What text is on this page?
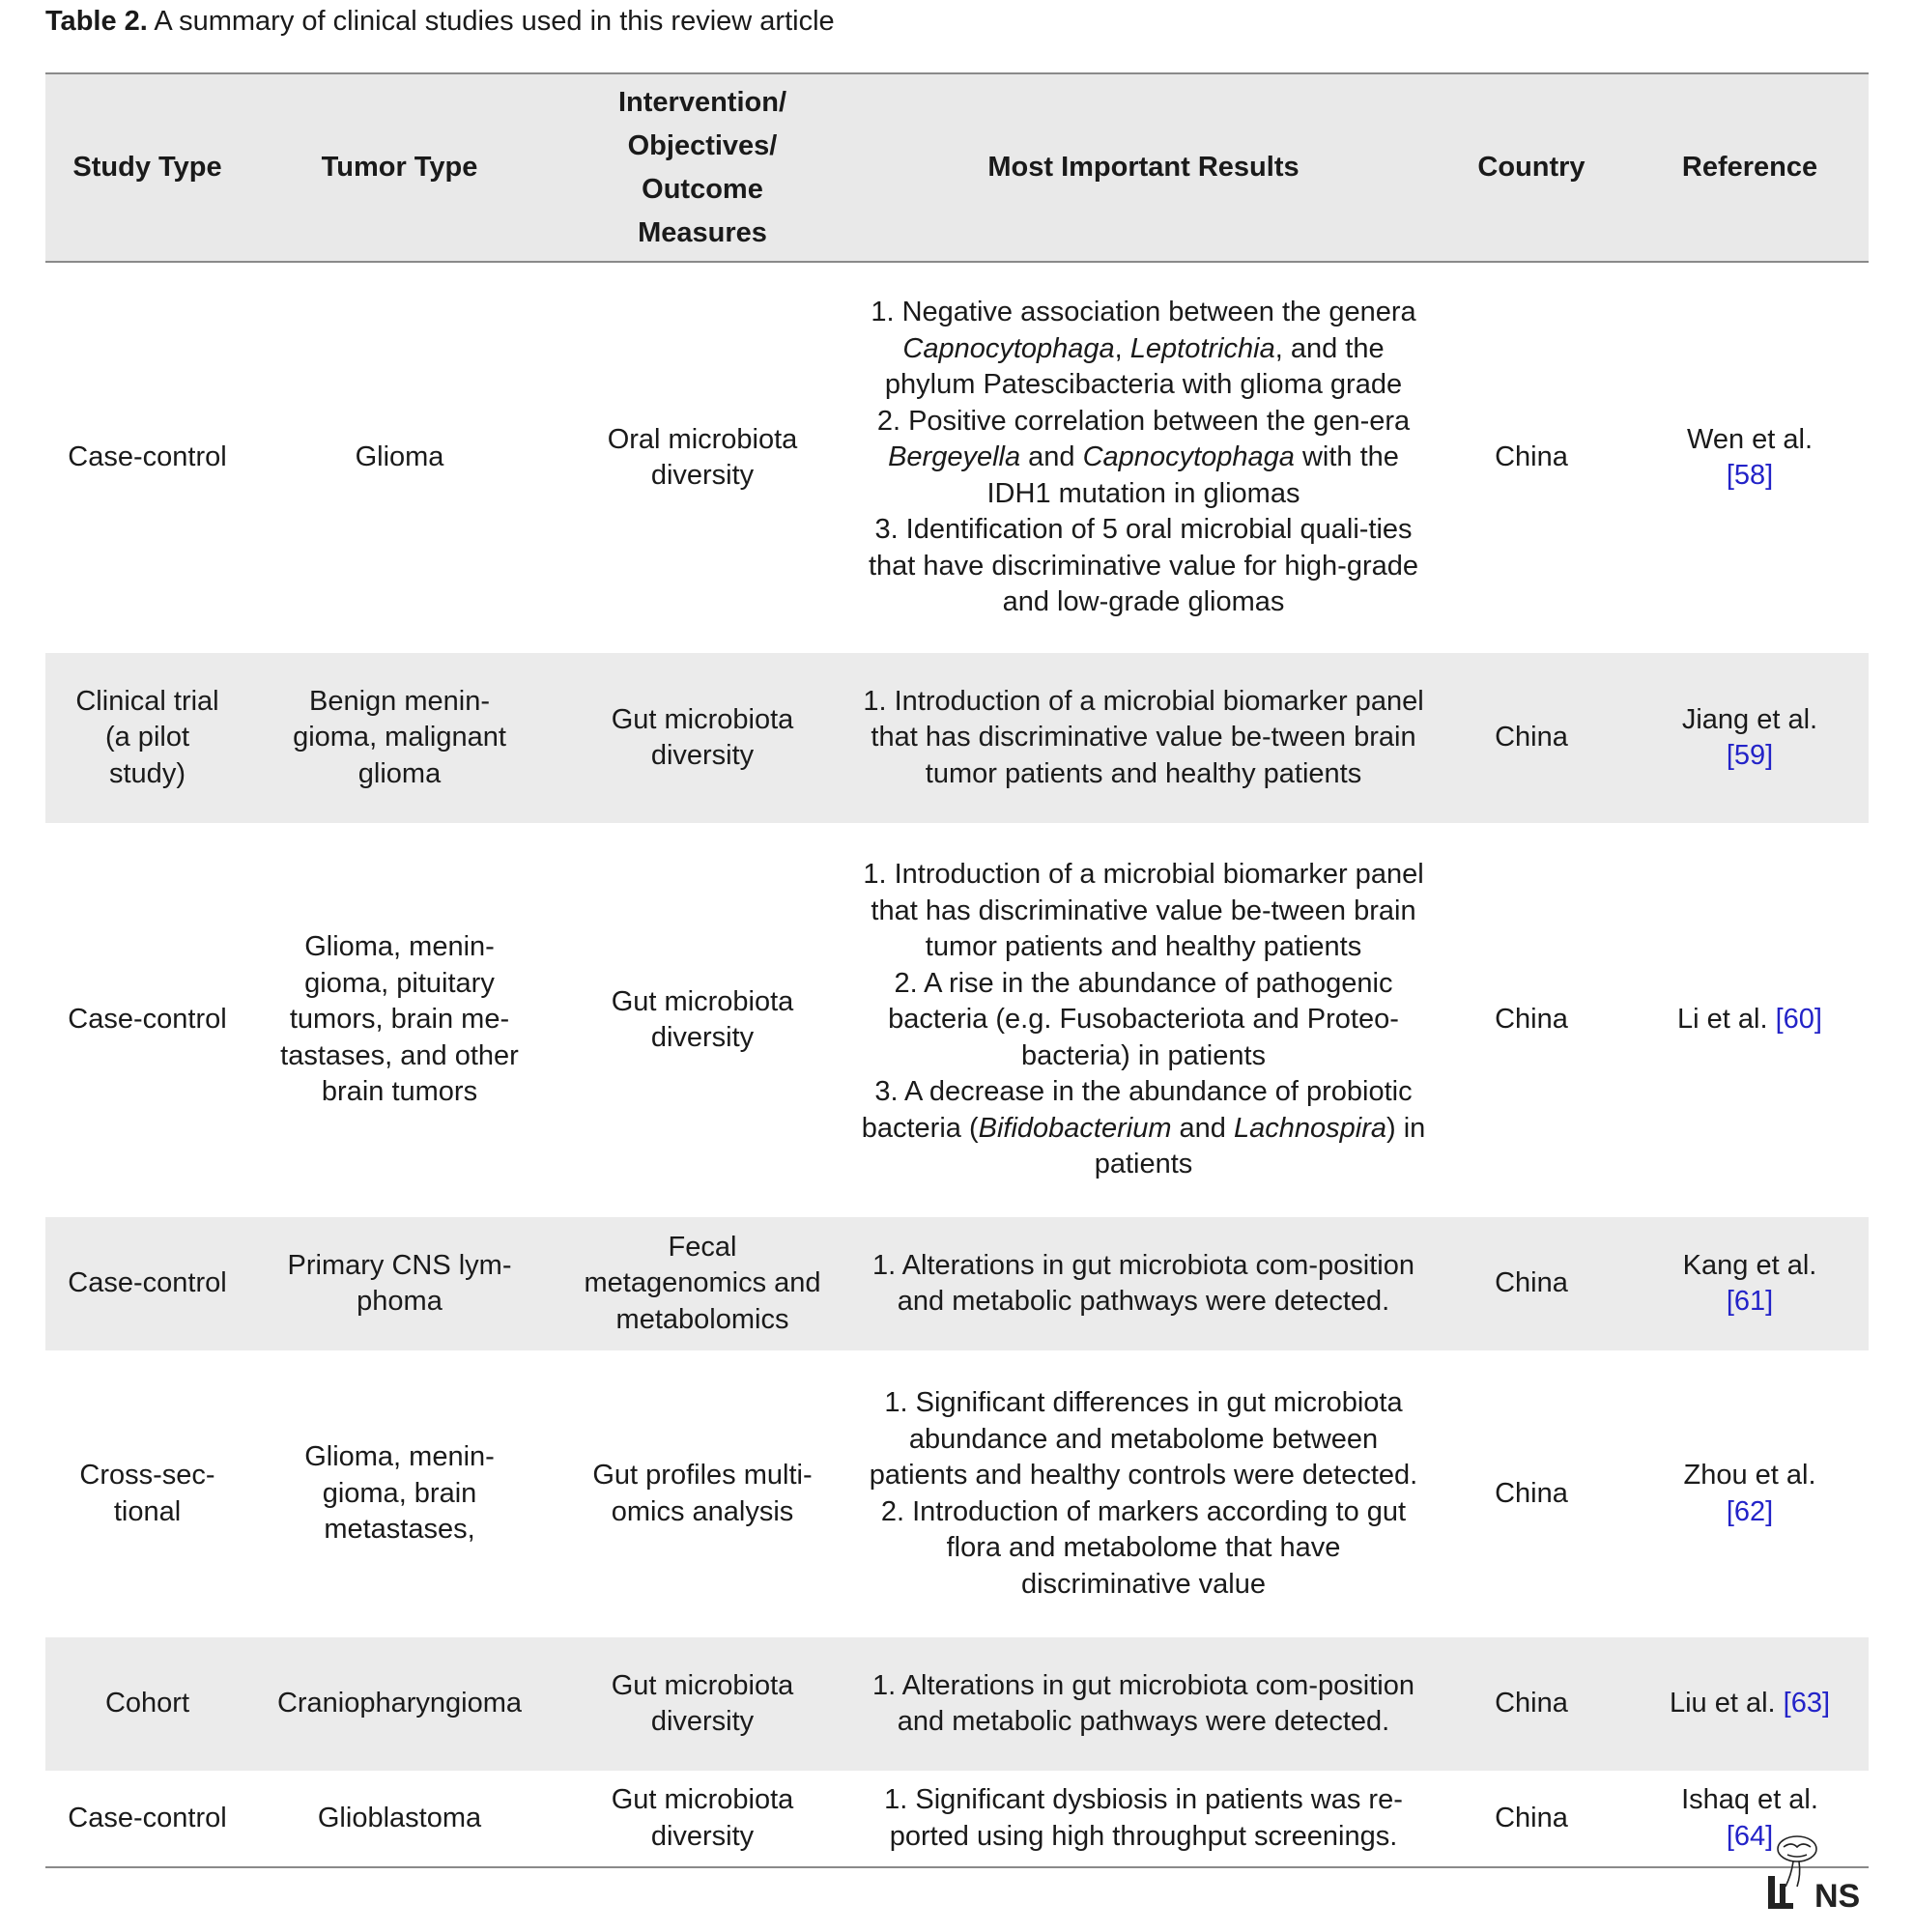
Table 2. A summary of clinical studies used in this review article
Study Type	Tumor Type	Intervention/ Objectives/ Outcome Measures	Most Important Results	Country	Reference
Case-control	Glioma	Oral microbiota diversity	1. Negative association between the genera Capnocytophaga, Leptotrichia, and the phylum Patescibacteria with glioma grade
2. Positive correlation between the gen-era Bergeyella and Capnocytophaga with the IDH1 mutation in gliomas
3. Identification of 5 oral microbial quali-ties that have discriminative value for high-grade and low-grade gliomas	China	Wen et al. [58]
Clinical trial (a pilot study)	Benign menin-gioma, malignant glioma	Gut microbiota diversity	1. Introduction of a microbial biomarker panel that has discriminative value be-tween brain tumor patients and healthy patients	China	Jiang et al. [59]
Case-control	Glioma, menin-gioma, pituitary tumors, brain me-tastases, and other brain tumors	Gut microbiota diversity	1. Introduction of a microbial biomarker panel that has discriminative value be-tween brain tumor patients and healthy patients
2. A rise in the abundance of pathogenic bacteria (e.g. Fusobacteriota and Proteo-bacteria) in patients
3. A decrease in the abundance of probiotic bacteria (Bifidobacterium and Lachnospira) in patients	China	Li et al. [60]
Case-control	Primary CNS lym-phoma	Fecal metagenomics and metabolomics	1. Alterations in gut microbiota com-position and metabolic pathways were detected.	China	Kang et al. [61]
Cross-sec-tional	Glioma, menin-gioma, brain metastases,	Gut profiles multi-omics analysis	1. Significant differences in gut microbiota abundance and metabolome between patients and healthy controls were detected.
2. Introduction of markers according to gut flora and metabolome that have discriminative value	China	Zhou et al. [62]
Cohort	Craniopharyngioma	Gut microbiota diversity	1. Alterations in gut microbiota com-position and metabolic pathways were detected.	China	Liu et al. [63]
Case-control	Glioblastoma	Gut microbiota diversity	1. Significant dysbiosis in patients was re-ported using high throughput screenings.	China	Ishaq et al. [64]
NS
